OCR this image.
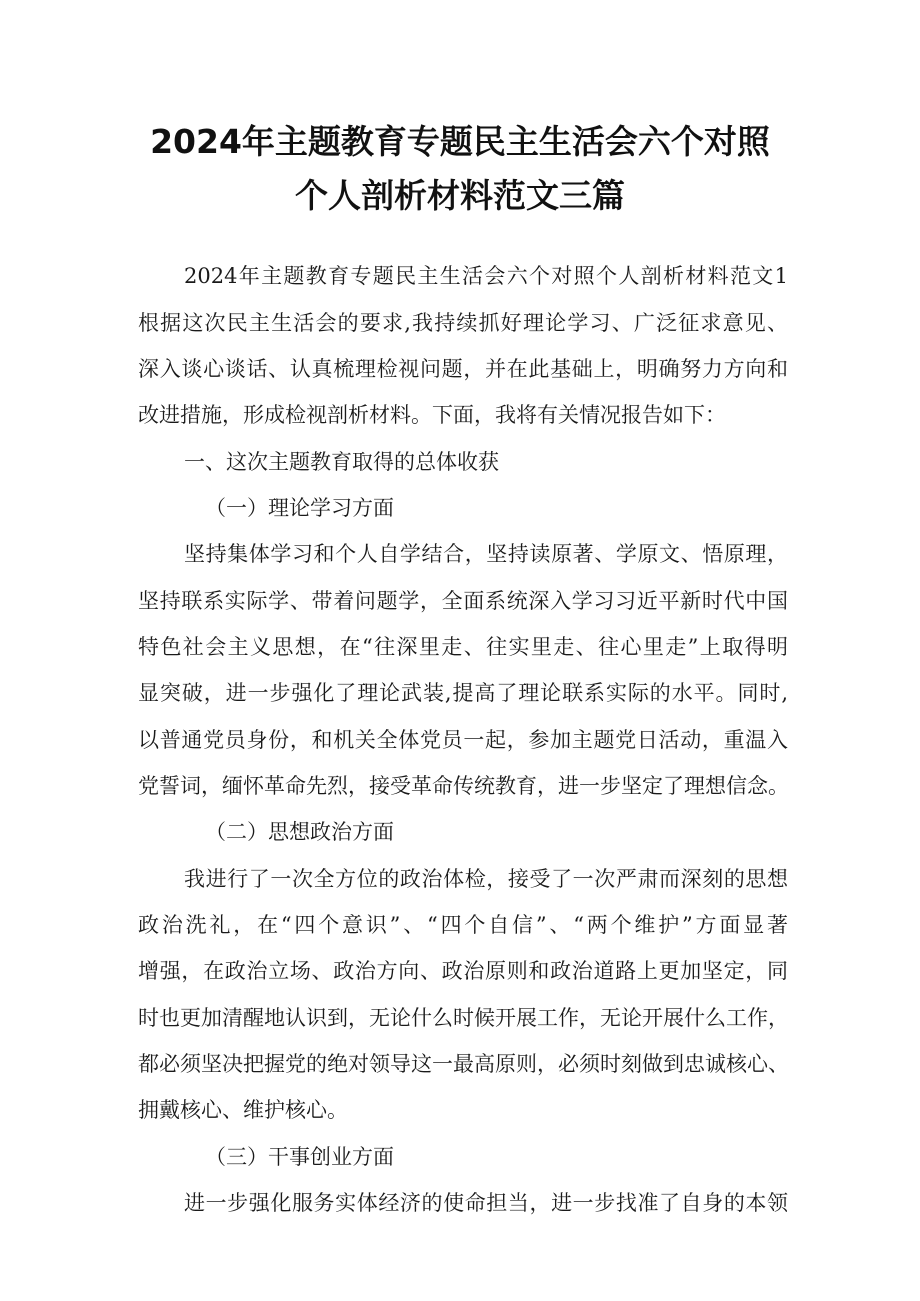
2024年主题教育专题民主生活会六个对照
个人剖析材料范文三篇
2024年主题教育专题民主生活会六个对照个人剖析材料范文1
根据这次民主生活会的要求,我持续抓好理论学习、广泛征求意见、
深入谈心谈话、认真梳理检视问题，并在此基础上，明确努力方向和
改进措施，形成检视剖析材料。下面，我将有关情况报告如下：
一、这次主题教育取得的总体收获
（一）理论学习方面
坚持集体学习和个人自学结合，坚持读原著、学原文、悟原理，
坚持联系实际学、带着问题学，全面系统深入学习习近平新时代中国
特色社会主义思想，在“往深里走、往实里走、往心里走”上取得明
显突破，进一步强化了理论武装,提高了理论联系实际的水平。同时,
以普通党员身份，和机关全体党员一起，参加主题党日活动，重温入
党誓词，缅怀革命先烈，接受革命传统教育，进一步坚定了理想信念。
（二）思想政治方面
我进行了一次全方位的政治体检，接受了一次严肃而深刻的思想
政治洗礼，在“四个意识”、“四个自信”、“两个维护”方面显著
增强，在政治立场、政治方向、政治原则和政治道路上更加坚定，同
时也更加清醒地认识到，无论什么时候开展工作，无论开展什么工作，
都必须坚决把握党的绝对领导这一最高原则，必须时刻做到忠诚核心、
拥戴核心、维护核心。
（三）干事创业方面
进一步强化服务实体经济的使命担当，进一步找准了自身的本领
